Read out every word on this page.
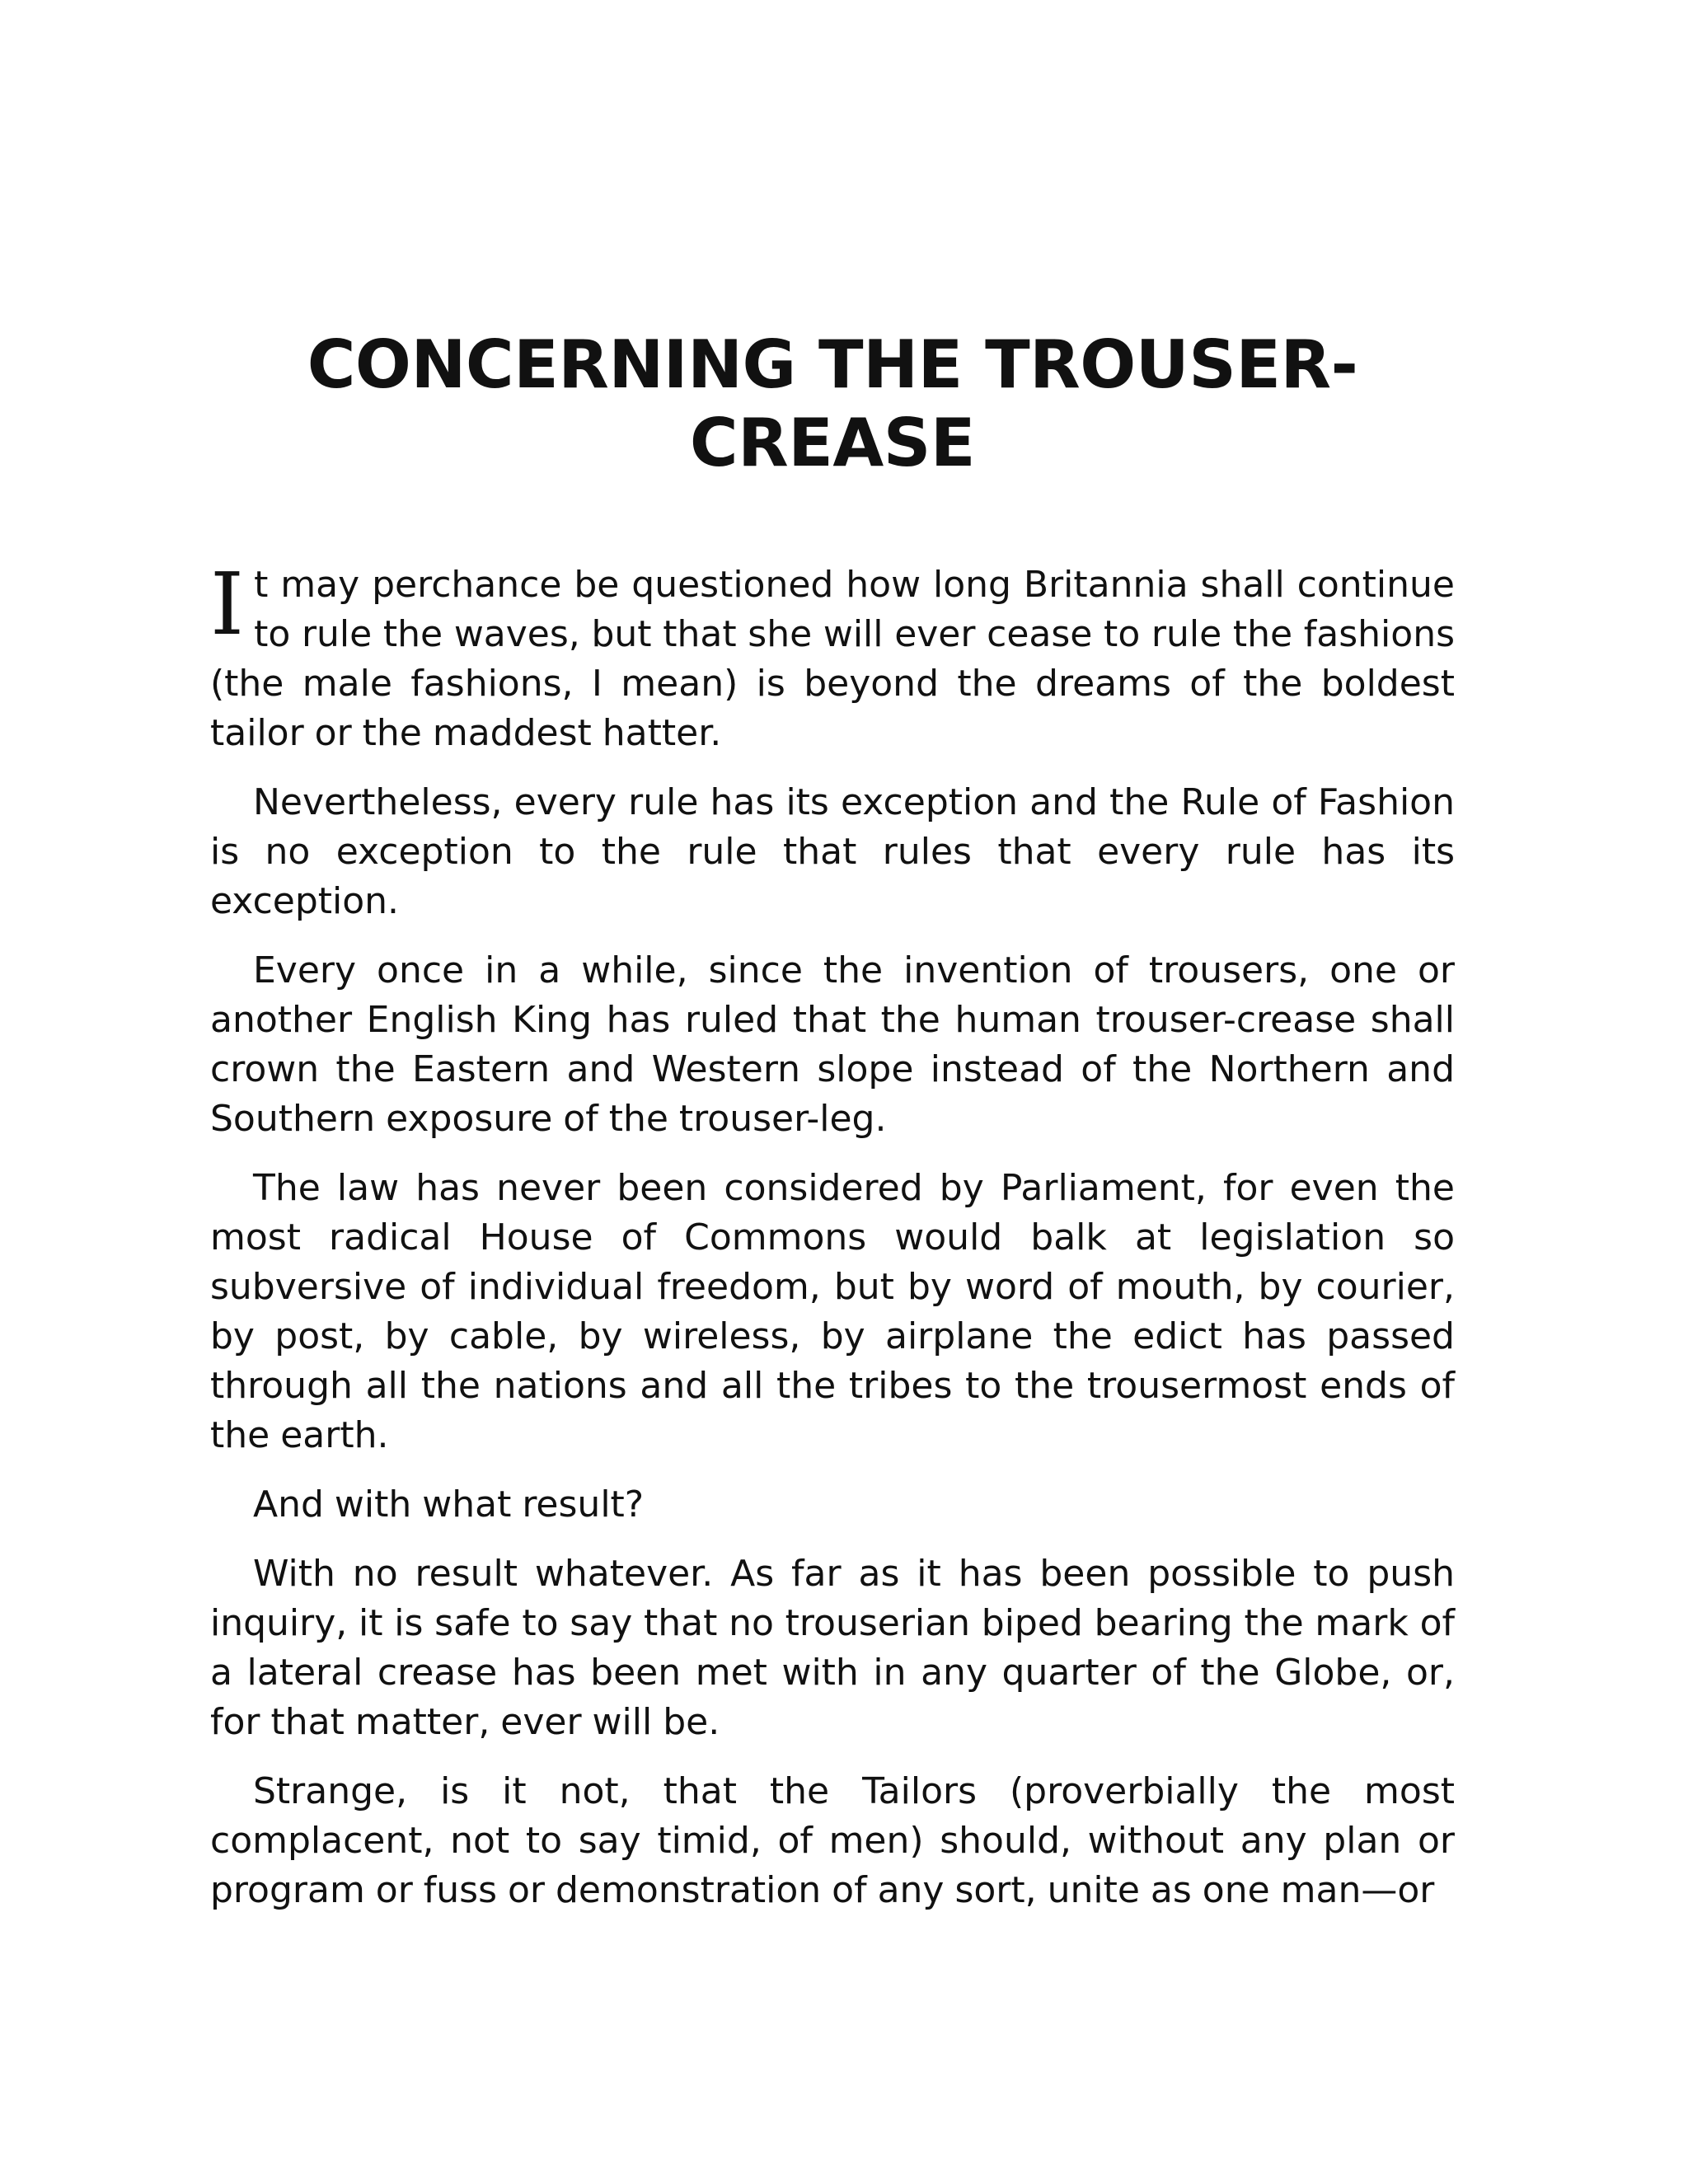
CONCERNING THE TROUSER-
CREASE

It may perchance be questioned how long Britannia shall continue to rule the waves, but that she will ever cease to rule the fashions (the male fashions, I mean) is beyond the dreams of the boldest tailor or the maddest hatter.

Nevertheless, every rule has its exception and the Rule of Fashion is no exception to the rule that rules that every rule has its exception.

Every once in a while, since the invention of trousers, one or another English King has ruled that the human trouser-crease shall crown the Eastern and Western slope instead of the Northern and Southern exposure of the trouser-leg.

The law has never been considered by Parliament, for even the most radical House of Commons would balk at legislation so subversive of individual freedom, but by word of mouth, by courier, by post, by cable, by wireless, by airplane the edict has passed through all the nations and all the tribes to the trousermost ends of the earth.

And with what result?

With no result whatever. As far as it has been possible to push inquiry, it is safe to say that no trouserian biped bearing the mark of a lateral crease has been met with in any quarter of the Globe, or, for that matter, ever will be.

Strange, is it not, that the Tailors (proverbially the most complacent, not to say timid, of men) should, without any plan or program or fuss or demonstration of any sort, unite as one man—or
